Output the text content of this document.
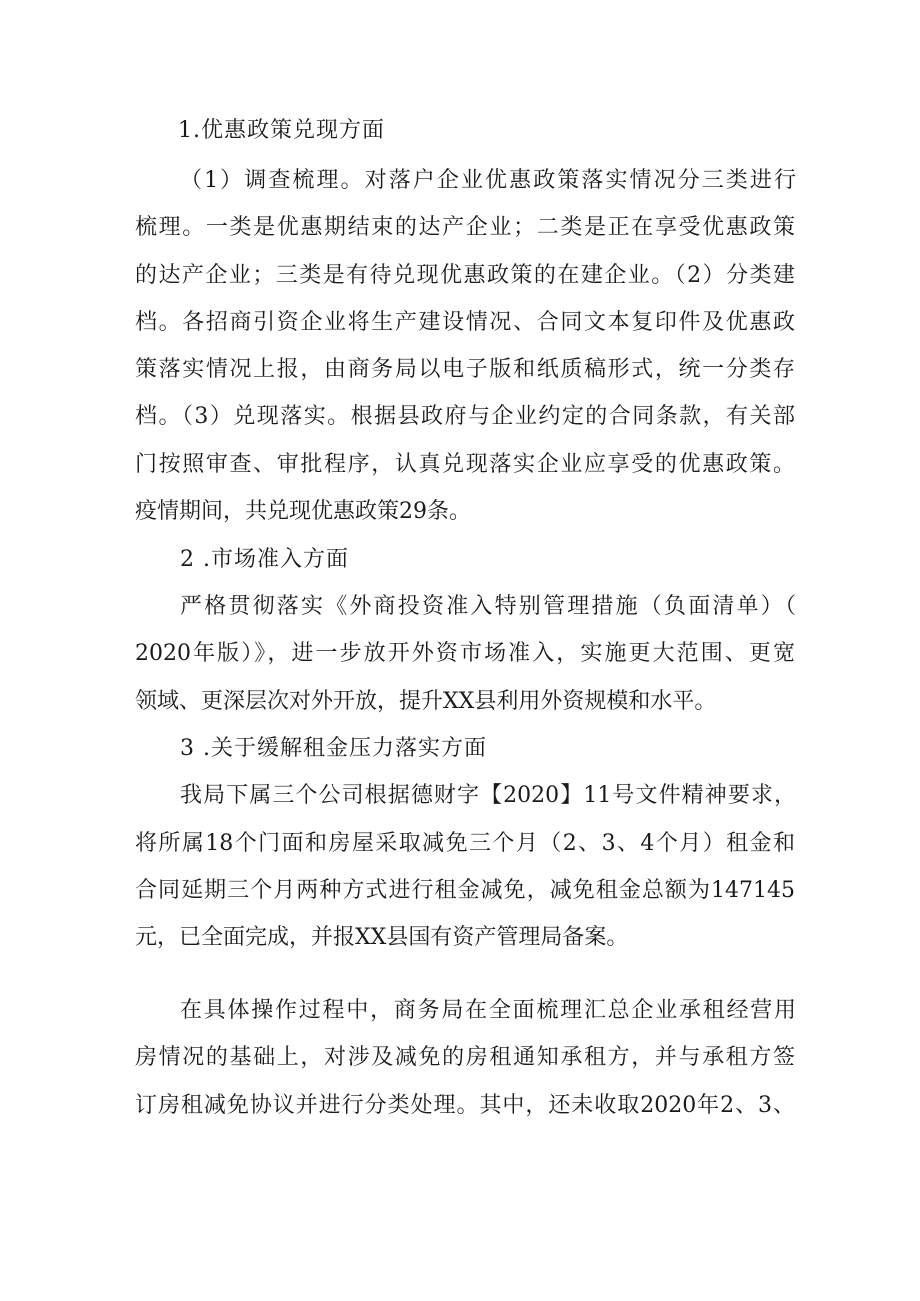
1.优惠政策兑现方面
（1）调查梳理。对落户企业优惠政策落实情况分三类进行
梳理。一类是优惠期结束的达产企业；二类是正在享受优惠政策
的达产企业；三类是有待兑现优惠政策的在建企业。（2）分类建
档。各招商引资企业将生产建设情况、合同文本复印件及优惠政
策落实情况上报，由商务局以电子版和纸质稿形式，统一分类存
档。（3）兑现落实。根据县政府与企业约定的合同条款，有关部
门按照审查、审批程序，认真兑现落实企业应享受的优惠政策。
疫情期间，共兑现优惠政策29条。
2 .市场准入方面
严格贯彻落实《外商投资准入特别管理措施（负面清单）（
2020年版）》，进一步放开外资市场准入，实施更大范围、更宽
领域、更深层次对外开放，提升XX县利用外资规模和水平。
3 .关于缓解租金压力落实方面
我局下属三个公司根据德财字【2020】11号文件精神要求，
将所属18个门面和房屋采取减免三个月（2、3、4个月）租金和
合同延期三个月两种方式进行租金减免，减免租金总额为147145
元，已全面完成，并报XX县国有资产管理局备案。
在具体操作过程中，商务局在全面梳理汇总企业承租经营用
房情况的基础上，对涉及减免的房租通知承租方，并与承租方签
订房租减免协议并进行分类处理。其中，还未收取2020年2、3、
